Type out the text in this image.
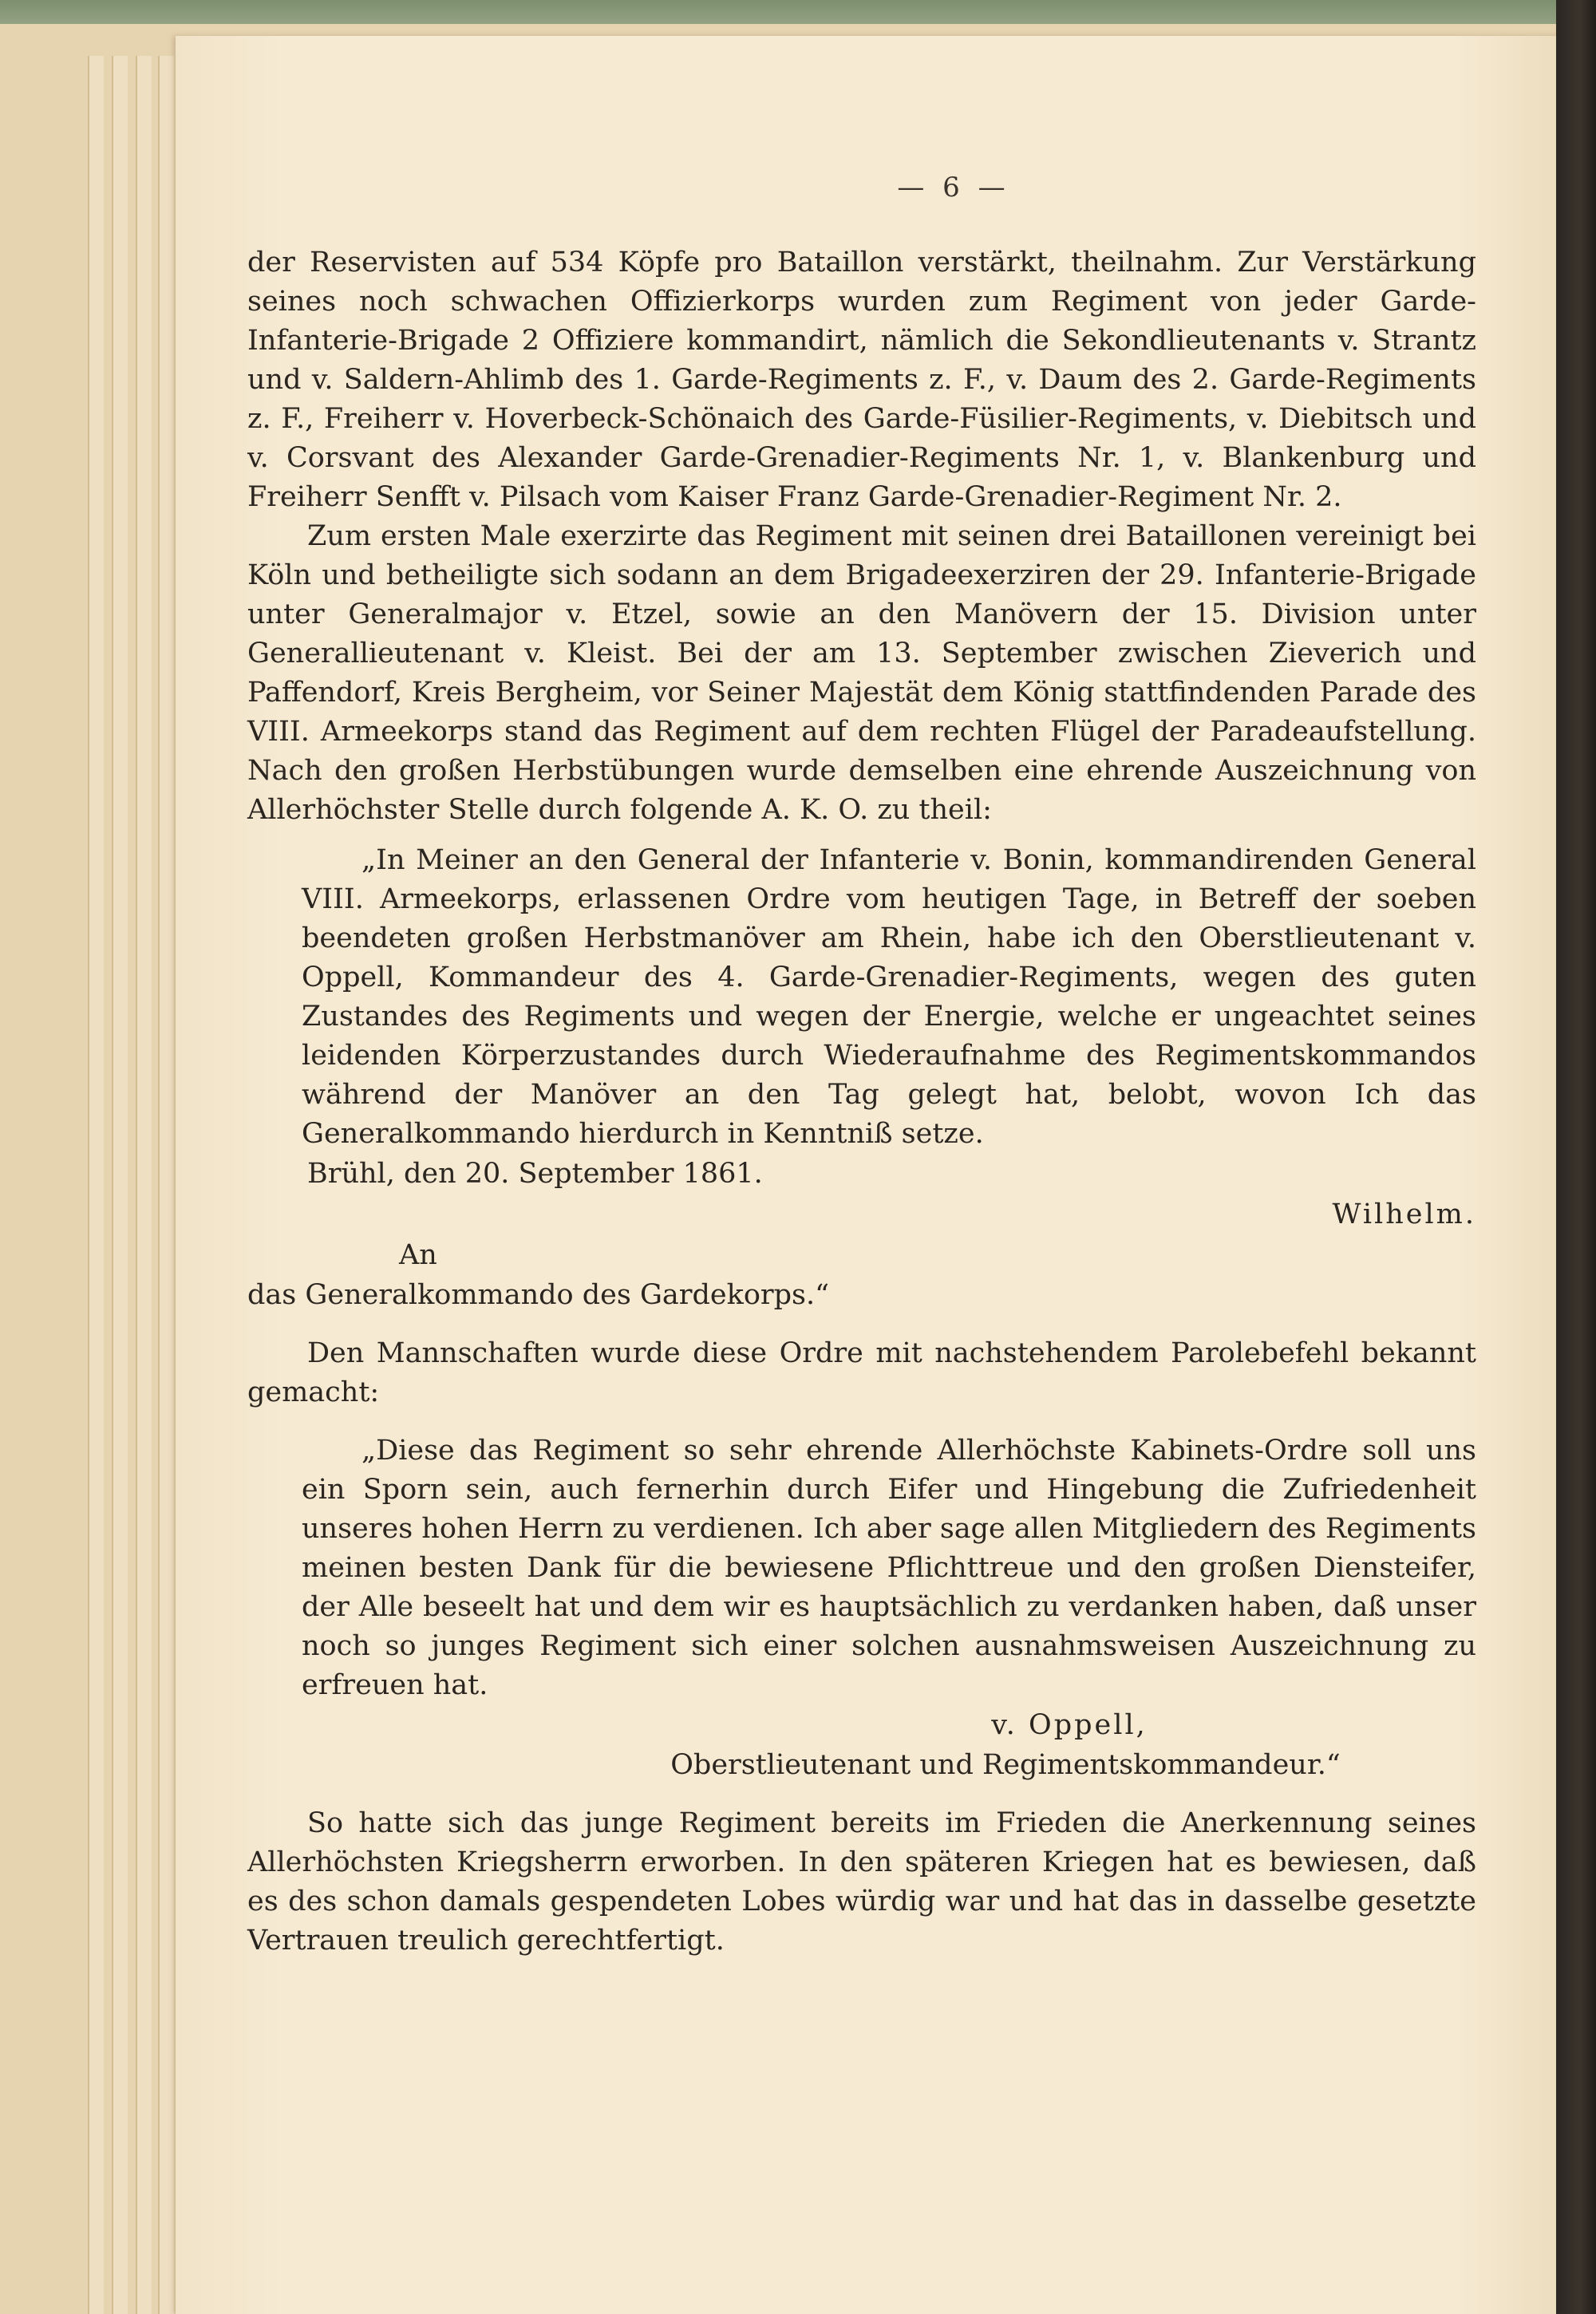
— 6 —

der Reservisten auf 534 Köpfe pro Bataillon verstärkt, theilnahm. Zur Verstärkung seines noch schwachen Offizierkorps wurden zum Regiment von jeder Garde-Infanterie-Brigade 2 Offiziere kommandirt, nämlich die Sekondlieutenants v. Strantz und v. Saldern-Ahlimb des 1. Garde-Regiments z. F., v. Daum des 2. Garde-Regiments z. F., Freiherr v. Hoverbeck-Schönaich des Garde-Füsilier-Regiments, v. Diebitsch und v. Corsvant des Alexander Garde-Grenadier-Regiments Nr. 1, v. Blankenburg und Freiherr Senfft v. Pilsach vom Kaiser Franz Garde-Grenadier-Regiment Nr. 2.

Zum ersten Male exerzirte das Regiment mit seinen drei Bataillonen vereinigt bei Köln und betheiligte sich sodann an dem Brigadeexerziren der 29. Infanterie-Brigade unter Generalmajor v. Etzel, sowie an den Manövern der 15. Division unter Generallieutenant v. Kleist. Bei der am 13. September zwischen Zieverich und Paffendorf, Kreis Bergheim, vor Seiner Majestät dem König stattfindenden Parade des VIII. Armeekorps stand das Regiment auf dem rechten Flügel der Paradeaufstellung. Nach den großen Herbstübungen wurde demselben eine ehrende Auszeichnung von Allerhöchster Stelle durch folgende A. K. O. zu theil:

„In Meiner an den General der Infanterie v. Bonin, kommandirenden General VIII. Armeekorps, erlassenen Ordre vom heutigen Tage, in Betreff der soeben beendeten großen Herbstmanöver am Rhein, habe ich den Oberstlieutenant v. Oppell, Kommandeur des 4. Garde-Grenadier-Regiments, wegen des guten Zustandes des Regiments und wegen der Energie, welche er ungeachtet seines leidenden Körperzustandes durch Wiederaufnahme des Regimentskommandos während der Manöver an den Tag gelegt hat, belobt, wovon Ich das Generalkommando hierdurch in Kenntniß setze.

Brühl, den 20. September 1861.

Wilhelm.

An

das Generalkommando des Gardekorps.“

Den Mannschaften wurde diese Ordre mit nachstehendem Parolebefehl bekannt gemacht:

„Diese das Regiment so sehr ehrende Allerhöchste Kabinets-Ordre soll uns ein Sporn sein, auch fernerhin durch Eifer und Hingebung die Zufriedenheit unseres hohen Herrn zu verdienen. Ich aber sage allen Mitgliedern des Regiments meinen besten Dank für die bewiesene Pflichttreue und den großen Diensteifer, der Alle beseelt hat und dem wir es hauptsächlich zu verdanken haben, daß unser noch so junges Regiment sich einer solchen ausnahmsweisen Auszeichnung zu erfreuen hat.

v. Oppell,

Oberstlieutenant und Regimentskommandeur.“

So hatte sich das junge Regiment bereits im Frieden die Anerkennung seines Allerhöchsten Kriegsherrn erworben. In den späteren Kriegen hat es bewiesen, daß es des schon damals gespendeten Lobes würdig war und hat das in dasselbe gesetzte Vertrauen treulich gerechtfertigt.
